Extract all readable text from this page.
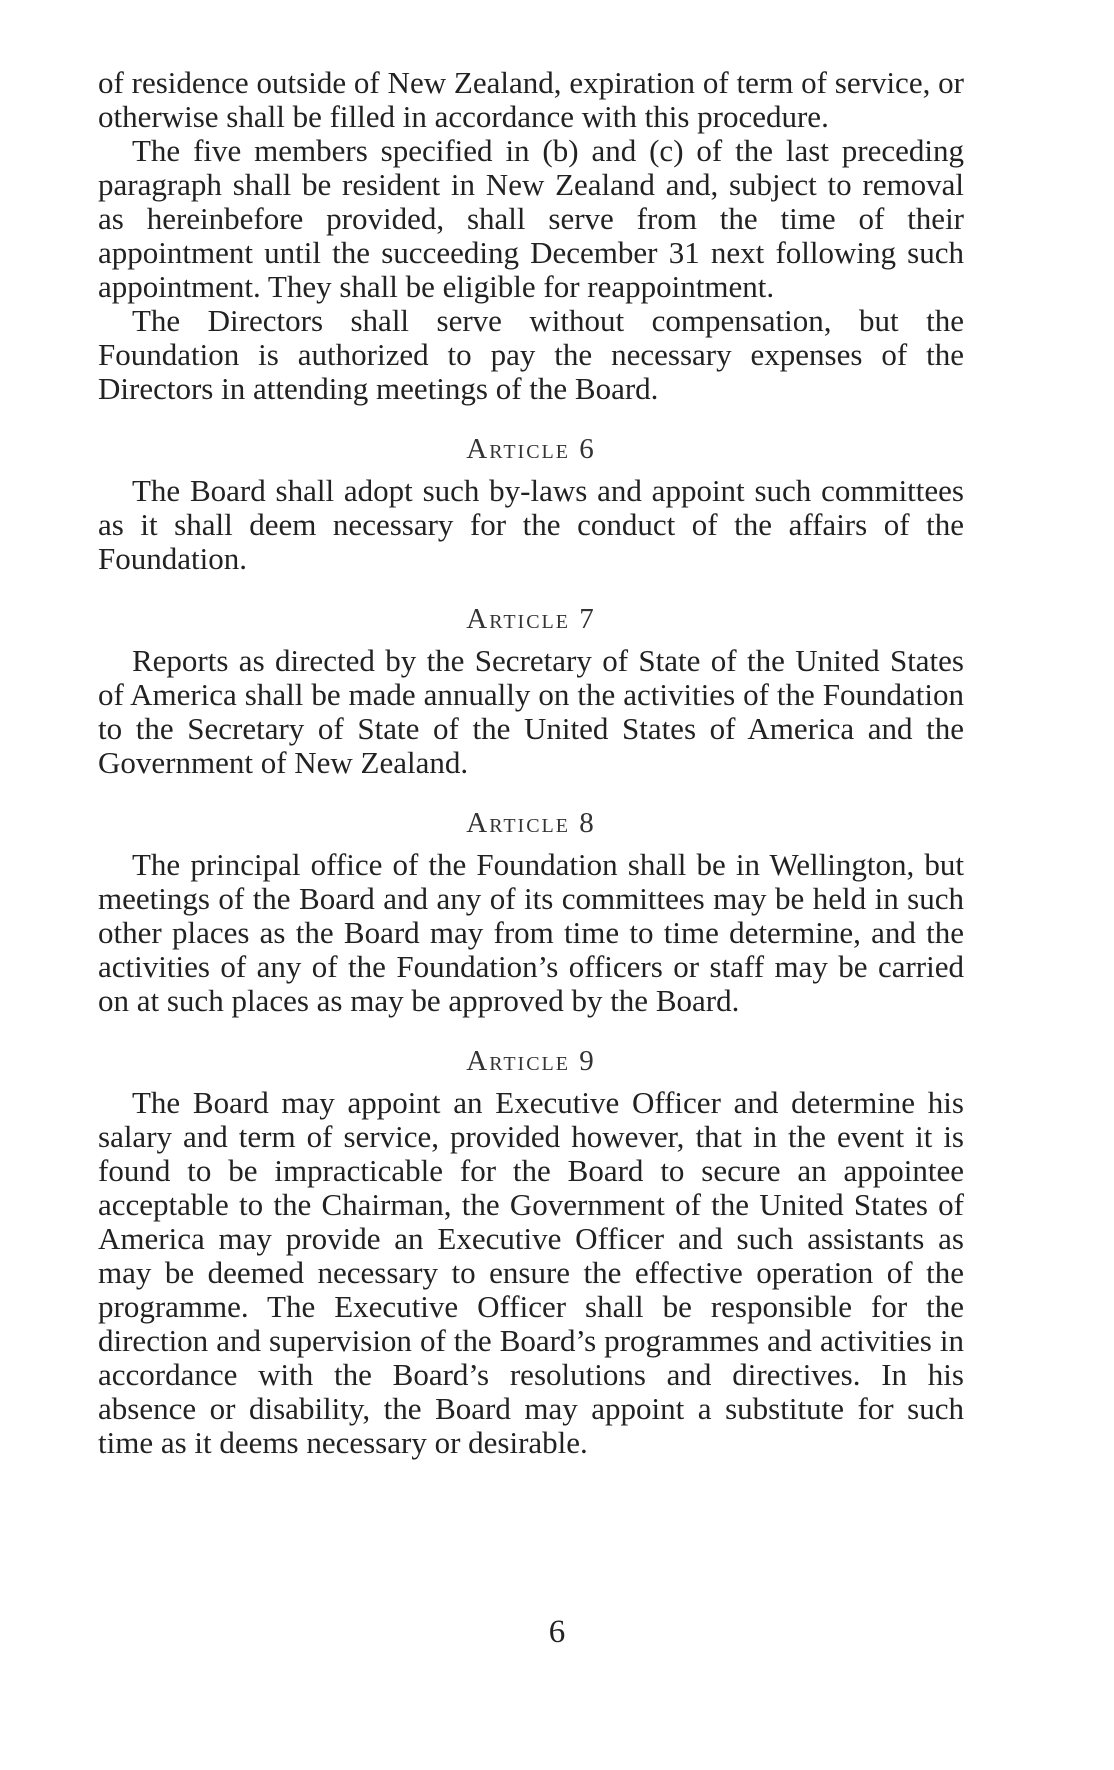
of residence outside of New Zealand, expiration of term of service, or otherwise shall be filled in accordance with this procedure.

The five members specified in (b) and (c) of the last preceding paragraph shall be resident in New Zealand and, subject to removal as hereinbefore provided, shall serve from the time of their appointment until the succeeding December 31 next following such appointment. They shall be eligible for reappointment.

The Directors shall serve without compensation, but the Foundation is authorized to pay the necessary expenses of the Directors in attending meetings of the Board.

Article 6

The Board shall adopt such by-laws and appoint such committees as it shall deem necessary for the conduct of the affairs of the Foundation.

Article 7

Reports as directed by the Secretary of State of the United States of America shall be made annually on the activities of the Foundation to the Secretary of State of the United States of America and the Government of New Zealand.

Article 8

The principal office of the Foundation shall be in Wellington, but meetings of the Board and any of its committees may be held in such other places as the Board may from time to time determine, and the activities of any of the Foundation’s officers or staff may be carried on at such places as may be approved by the Board.

Article 9

The Board may appoint an Executive Officer and determine his salary and term of service, provided however, that in the event it is found to be impracticable for the Board to secure an appointee acceptable to the Chairman, the Government of the United States of America may provide an Executive Officer and such assistants as may be deemed necessary to ensure the effective operation of the programme. The Executive Officer shall be responsible for the direction and supervision of the Board’s programmes and activities in accordance with the Board’s resolutions and directives. In his absence or disability, the Board may appoint a substitute for such time as it deems necessary or desirable.

6
